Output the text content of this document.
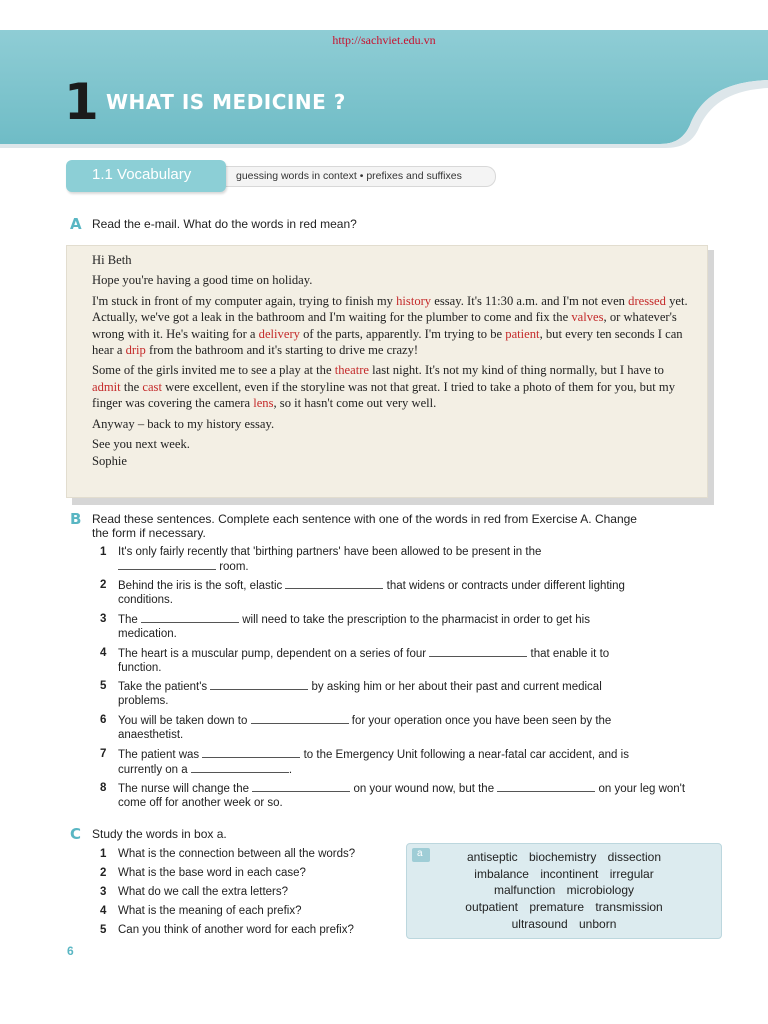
http://sachviet.edu.vn
1 WHAT IS MEDICINE ?
guessing words in context • prefixes and suffixes
1.1 Vocabulary
A Read the e-mail. What do the words in red mean?

Hi Beth

Hope you're having a good time on holiday.

I'm stuck in front of my computer again, trying to finish my history essay. It's 11:30 a.m. and I'm not even dressed yet. Actually, we've got a leak in the bathroom and I'm waiting for the plumber to come and fix the valves, or whatever's wrong with it. He's waiting for a delivery of the parts, apparently. I'm trying to be patient, but every ten seconds I can hear a drip from the bathroom and it's starting to drive me crazy!

Some of the girls invited me to see a play at the theatre last night. It's not my kind of thing normally, but I have to admit the cast were excellent, even if the storyline was not that great. I tried to take a photo of them for you, but my finger was covering the camera lens, so it hasn't come out very well.

Anyway – back to my history essay.

See you next week.

Sophie

B Read these sentences. Complete each sentence with one of the words in red from Exercise A. Change
the form if necessary.
1 It's only fairly recently that 'birthing partners' have been allowed to be present in the
room.
2 Behind the iris is the soft, elastic	that widens or contracts under different lighting
conditions.
3 The	will need to take the prescription to the pharmacist in order to get his
medication.
4 The heart is a muscular pump, dependent on a series of four	that enable it to
function.
5 Take the patient's	by asking him or her about their past and current medical
problems.
6 You will be taken down to	for your operation once you have been seen by the
anaesthetist.
7 The patient was	to the Emergency Unit following a near-fatal car accident, and is
currently on a	.
8 The nurse will change the	on your wound now, but the	on your leg won't
come off for another week or so.
C Study the words in box a.
1 What is the connection between all the words?
2 What is the base word in each case?
3 What do we call the extra letters?
4 What is the meaning of each prefix?
5 Can you think of another word for each prefix?
a	antiseptic biochemistry dissection
imbalance incontinent irregular
malfunction microbiology
outpatient premature transmission
ultrasound unborn
6
